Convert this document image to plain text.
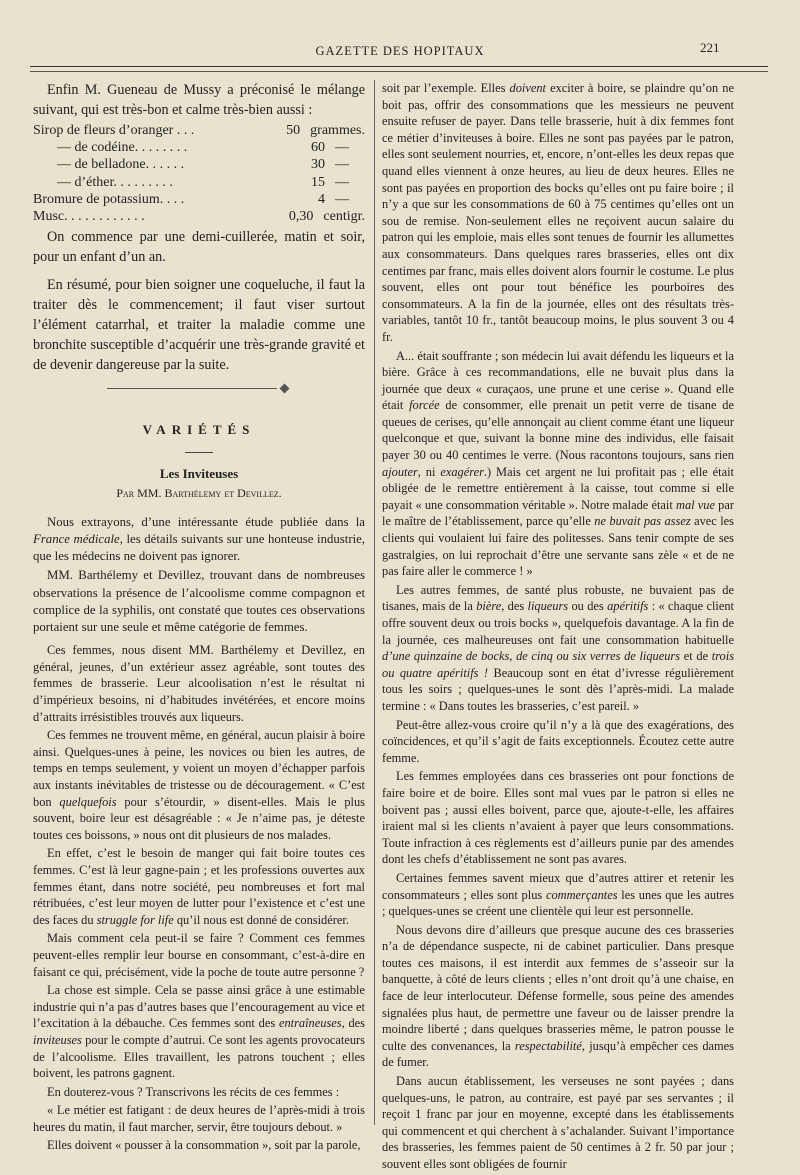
GAZETTE DES HOPITAUX	221

Enfin M. Gueneau de Mussy a préconisé le mélange suivant, qui est très-bon et calme très-bien aussi :

Sirop de fleurs d’oranger . . .	50 grammes.
— de codéine. . . . . . . .	60 —
— de belladone. . . . . .	30 —
— d’éther. . . . . . . . .	15 —
Bromure de potassium. . . .	4 —
Musc. . . . . . . . . . . .	0,30 centigr.

On commence par une demi-cuillerée, matin et soir, pour un enfant d’un an.

En résumé, pour bien soigner une coqueluche, il faut la traiter dès le commencement; il faut viser surtout l’élément catarrhal, et traiter la maladie comme une bronchite susceptible d’acquérir une très-grande gravité et de devenir dangereuse par la suite.

VARIÉTÉS
Les Inviteuses
Par MM. Barthélemy et Devillez.

Nous extrayons, d’une intéressante étude publiée dans la France médicale, les détails suivants sur une honteuse industrie, que les médecins ne doivent pas ignorer.

MM. Barthélemy et Devillez, trouvant dans de nombreuses observations la présence de l’alcoolisme comme compagnon et complice de la syphilis, ont constaté que toutes ces observations portaient sur une seule et même catégorie de femmes.

Ces femmes, nous disent MM. Barthélemy et Devillez, en général, jeunes, d’un extérieur assez agréable, sont toutes des femmes de brasserie. Leur alcoolisation n’est le résultat ni d’impérieux besoins, ni d’habitudes invétérées, et encore moins d’attraits irrésistibles trouvés aux liqueurs.

Ces femmes ne trouvent même, en général, aucun plaisir à boire ainsi. Quelques-unes à peine, les novices ou bien les autres, de temps en temps seulement, y voient un moyen d’échapper parfois aux instants inévitables de tristesse ou de découragement. « C’est bon quelquefois pour s’étourdir, » disent-elles. Mais le plus souvent, boire leur est désagréable : « Je n’aime pas, je déteste toutes ces boissons, » nous ont dit plusieurs de nos malades.

En effet, c’est le besoin de manger qui fait boire toutes ces femmes. C’est là leur gagne-pain ; et les professions ouvertes aux femmes étant, dans notre société, peu nombreuses et fort mal rétribuées, c’est leur moyen de lutter pour l’existence et c’est une des faces du struggle for life qu’il nous est donné de considérer.

Mais comment cela peut-il se faire ? Comment ces femmes peuvent-elles remplir leur bourse en consommant, c’est-à-dire en faisant ce qui, précisément, vide la poche de toute autre personne ?

La chose est simple. Cela se passe ainsi grâce à une estimable industrie qui n’a pas d’autres bases que l’encouragement au vice et l’excitation à la débauche. Ces femmes sont des entraîneuses, des inviteuses pour le compte d’autrui. Ce sont les agents provocateurs de l’alcoolisme. Elles travaillent, les patrons touchent ; elles boivent, les patrons gagnent.

En douterez-vous ? Transcrivons les récits de ces femmes :

« Le métier est fatigant : de deux heures de l’après-midi à trois heures du matin, il faut marcher, servir, être toujours debout. »

Elles doivent « pousser à la consommation », soit par la parole,

soit par l’exemple. Elles doivent exciter à boire, se plaindre qu’on ne boit pas, offrir des consommations que les messieurs ne peuvent ensuite refuser de payer. Dans telle brasserie, huit à dix femmes font ce métier d’inviteuses à boire. Elles ne sont pas payées par le patron, elles sont seulement nourries, et, encore, n’ont-elles les deux repas que quand elles viennent à onze heures, au lieu de deux heures. Elles ne sont pas payées en proportion des bocks qu’elles ont pu faire boire ; il n’y a que sur les consommations de 60 à 75 centimes qu’elles ont un sou de remise. Non-seulement elles ne reçoivent aucun salaire du patron qui les emploie, mais elles sont tenues de fournir les allumettes aux consommateurs. Dans quelques rares brasseries, elles ont dix centimes par franc, mais elles doivent alors fournir le costume. Le plus souvent, elles ont pour tout bénéfice les pourboires des consommateurs. A la fin de la journée, elles ont des résultats très-variables, tantôt 10 fr., tantôt beaucoup moins, le plus souvent 3 ou 4 fr.

A... était souffrante ; son médecin lui avait défendu les liqueurs et la bière. Grâce à ces recommandations, elle ne buvait plus dans la journée que deux « curaçaos, une prune et une cerise ». Quand elle était forcée de consommer, elle prenait un petit verre de tisane de queues de cerises, qu’elle annonçait au client comme étant une liqueur quelconque et que, suivant la bonne mine des individus, elle faisait payer 30 ou 40 centimes le verre. (Nous racontons toujours, sans rien ajouter, ni exagérer.) Mais cet argent ne lui profitait pas ; elle était obligée de le remettre entièrement à la caisse, tout comme si elle payait « une consommation véritable ». Notre malade était mal vue par le maître de l’établissement, parce qu’elle ne buvait pas assez avec les clients qui voulaient lui faire des politesses. Sans tenir compte de ses gastralgies, on lui reprochait d’être une servante sans zèle « et de ne pas faire aller le commerce ! »

Les autres femmes, de santé plus robuste, ne buvaient pas de tisanes, mais de la bière, des liqueurs ou des apéritifs : « chaque client offre souvent deux ou trois bocks », quelquefois davantage. A la fin de la journée, ces malheureuses ont fait une consommation habituelle d’une quinzaine de bocks, de cinq ou six verres de liqueurs et de trois ou quatre apéritifs ! Beaucoup sont en état d’ivresse régulièrement tous les soirs ; quelques-unes le sont dès l’après-midi. La malade termine : « Dans toutes les brasseries, c’est pareil. »

Peut-être allez-vous croire qu’il n’y a là que des exagérations, des coïncidences, et qu’il s’agit de faits exceptionnels. Écoutez cette autre femme.

Les femmes employées dans ces brasseries ont pour fonctions de faire boire et de boire. Elles sont mal vues par le patron si elles ne boivent pas ; aussi elles boivent, parce que, ajoute-t-elle, les affaires iraient mal si les clients n’avaient à payer que leurs consommations. Toute infraction à ces règlements est d’ailleurs punie par des amendes dont les chefs d’établissement ne sont pas avares.

Certaines femmes savent mieux que d’autres attirer et retenir les consommateurs ; elles sont plus commerçantes les unes que les autres ; quelques-unes se créent une clientèle qui leur est personnelle.

Nous devons dire d’ailleurs que presque aucune des ces brasseries n’a de dépendance suspecte, ni de cabinet particulier. Dans presque toutes ces maisons, il est interdit aux femmes de s’asseoir sur la banquette, à côté de leurs clients ; elles n’ont droit qu’à une chaise, en face de leur interlocuteur. Défense formelle, sous peine des amendes signalées plus haut, de permettre une faveur ou de laisser prendre la moindre liberté ; dans quelques brasseries même, le patron pousse le culte des convenances, la respectabilité, jusqu’à empêcher ces dames de fumer.

Dans aucun établissement, les verseuses ne sont payées ; dans quelques-uns, le patron, au contraire, est payé par ses servantes ; il reçoit 1 franc par jour en moyenne, excepté dans les établissements qui commencent et qui cherchent à s’achalander. Suivant l’importance des brasseries, les femmes paient de 50 centimes à 2 fr. 50 par jour ; souvent elles sont obligées de fournir
